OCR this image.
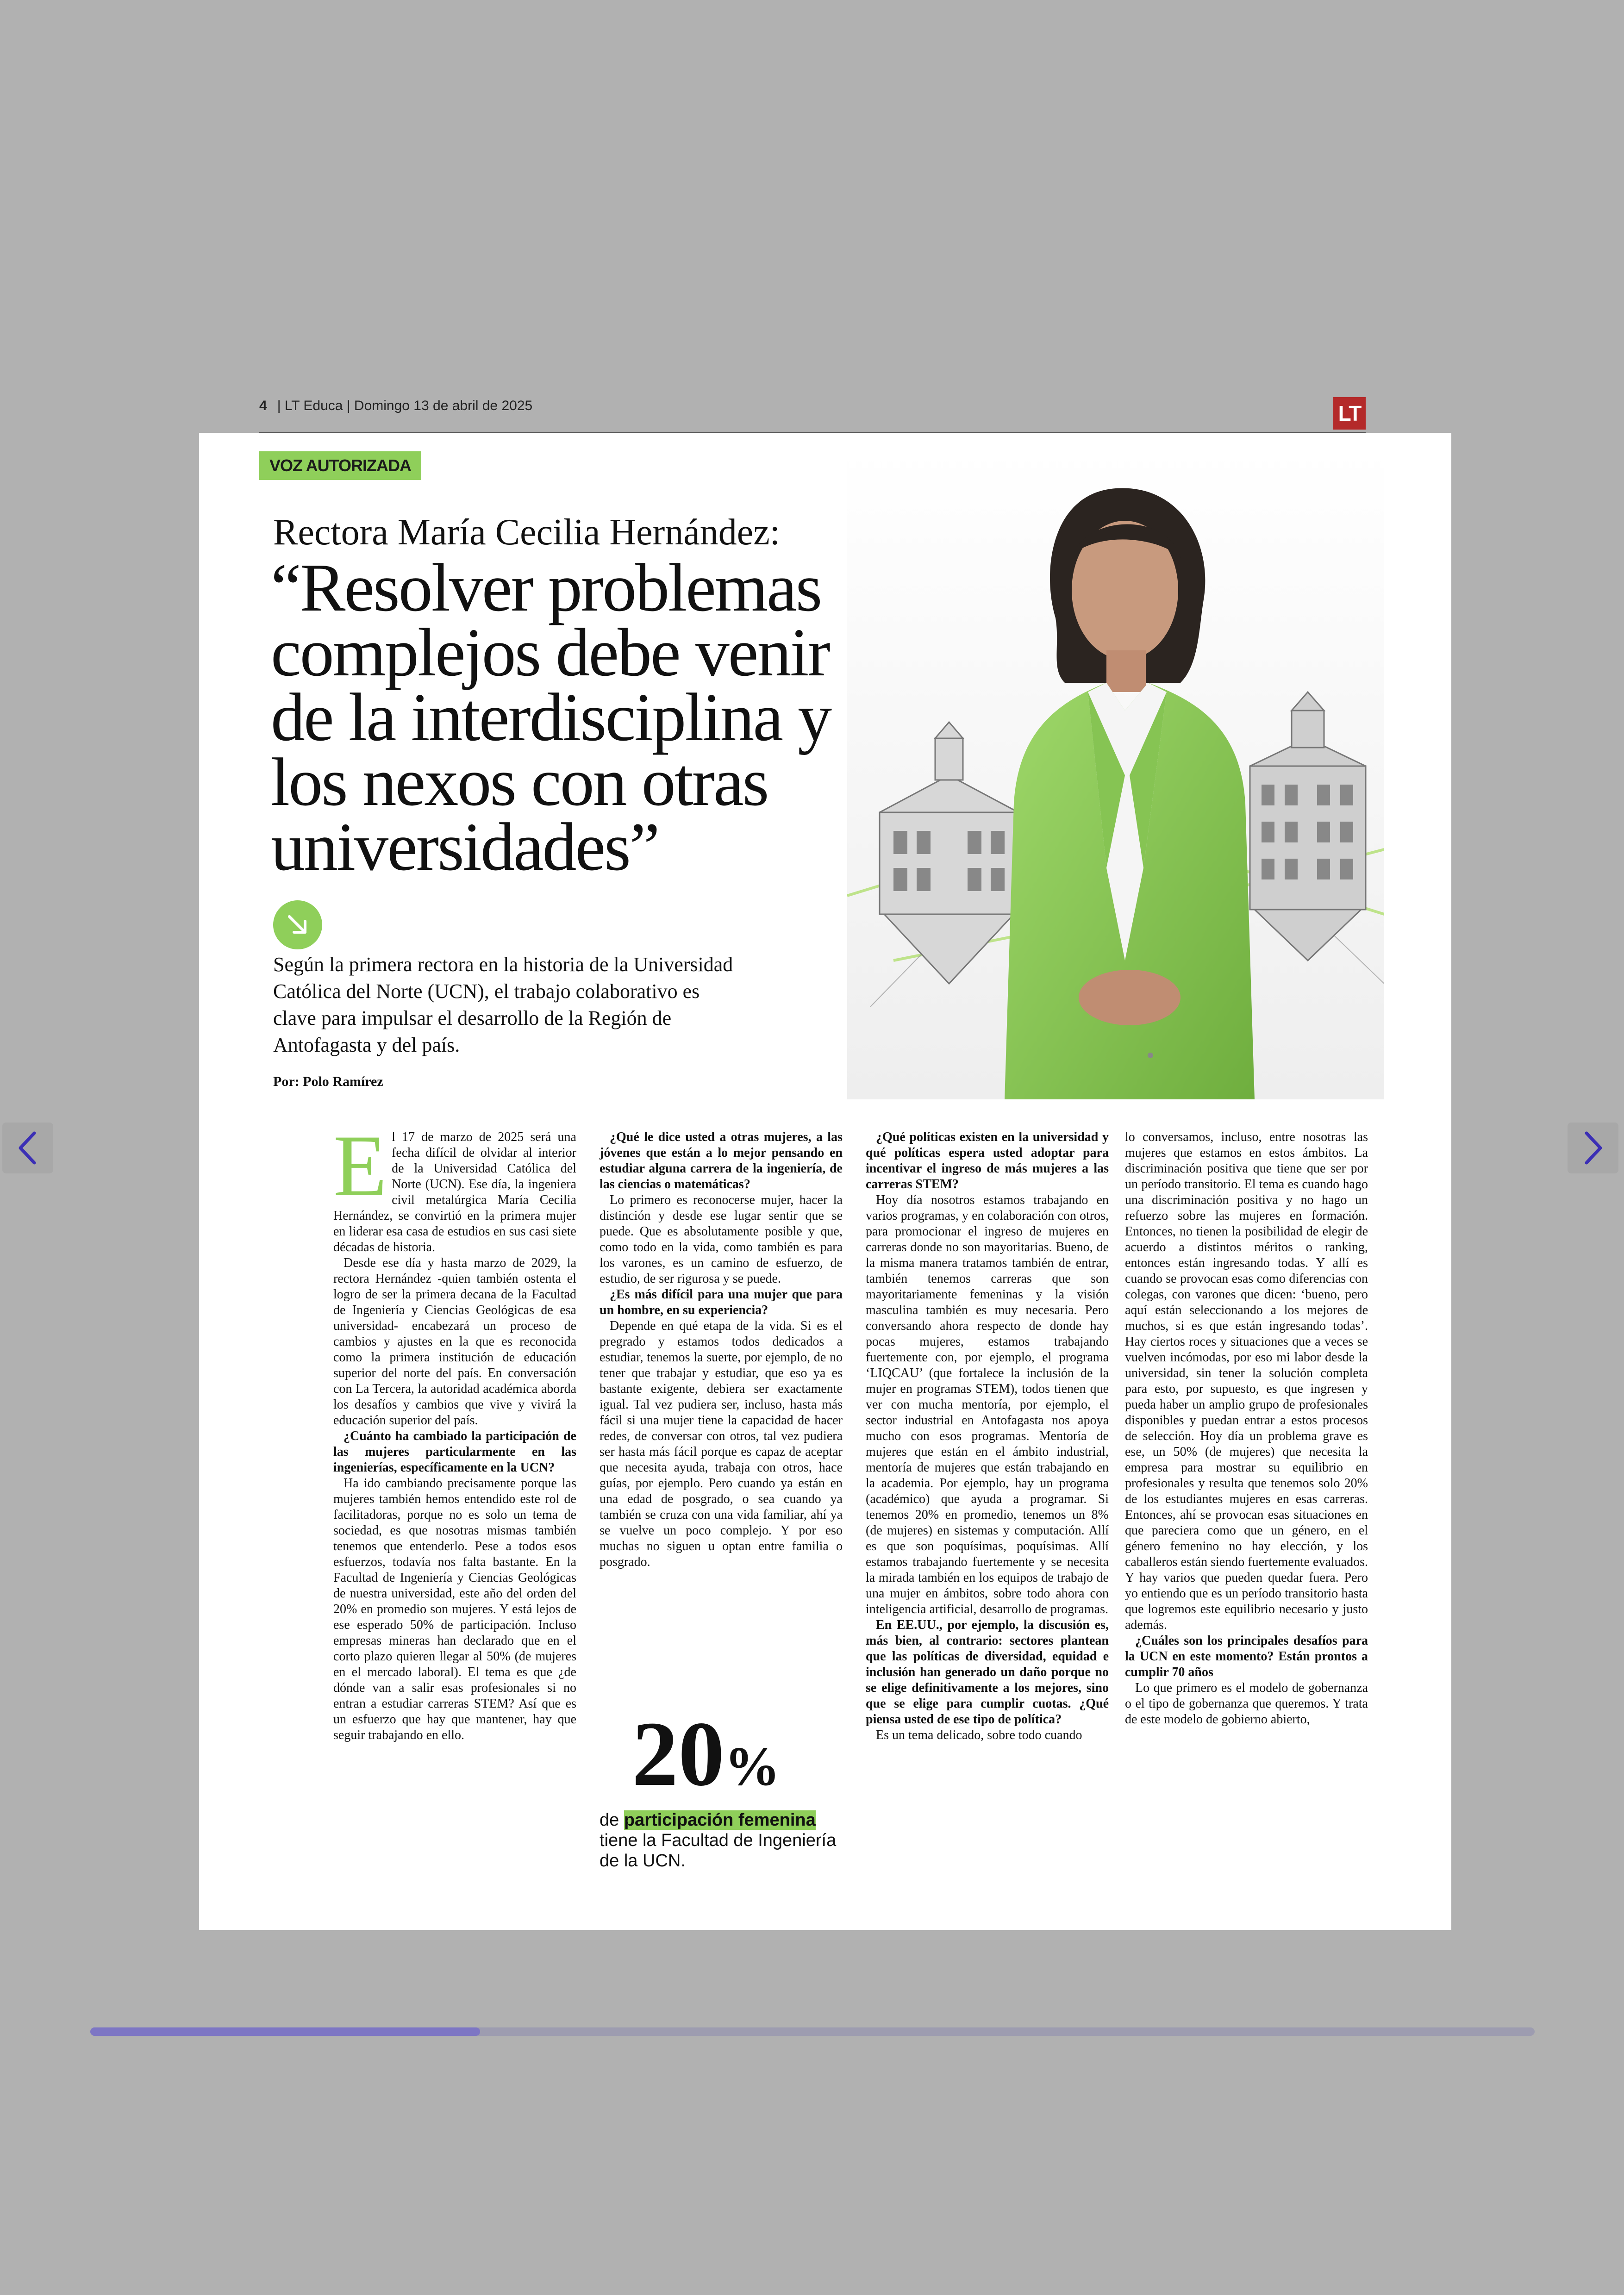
4 | LT Educa | Domingo 13 de abril de 2025	LT
VOZ AUTORIZADA
Rectora María Cecilia Hernández:
“Resolver problemas complejos debe venir de la interdisciplina y los nexos con otras universidades”
Según la primera rectora en la historia de la Universidad Católica del Norte (UCN), el trabajo colaborativo es clave para impulsar el desarrollo de la Región de Antofagasta y del país.
Por: Polo Ramírez
E l 17 de marzo de 2025 será una fecha difícil de olvidar al interior de la Universidad Católica del Norte (UCN). Ese día, la ingeniera civil metalúrgica María Cecilia Hernández, se convirtió en la primera mujer en liderar esa casa de estudios en sus casi siete décadas de historia.

Desde ese día y hasta marzo de 2029, la rectora Hernández -quien también ostenta el logro de ser la primera decana de la Facultad de Ingeniería y Ciencias Geológicas de esa universidad- encabezará un proceso de cambios y ajustes en la que es reconocida como la primera institución de educación superior del norte del país. En conversación con La Tercera, la autoridad académica aborda los desafíos y cambios que vive y vivirá la educación superior del país.

¿Cuánto ha cambiado la participación de las mujeres particularmente en las ingenierías, específicamente en la UCN?

Ha ido cambiando precisamente porque las mujeres también hemos entendido este rol de facilitadoras, porque no es solo un tema de sociedad, es que nosotras mismas también tenemos que entenderlo. Pese a todos esos esfuerzos, todavía nos falta bastante. En la Facultad de Ingeniería y Ciencias Geológicas de nuestra universidad, este año del orden del 20% en promedio son mujeres. Y está lejos de ese esperado 50% de participación. Incluso empresas mineras han declarado que en el corto plazo quieren llegar al 50% (de mujeres en el mercado laboral). El tema es que ¿de dónde van a salir esas profesionales si no entran a estudiar carreras STEM? Así que es un esfuerzo que hay que mantener, hay que seguir trabajando en ello.

¿Qué le dice usted a otras mujeres, a las jóvenes que están a lo mejor pensando en estudiar alguna carrera de la ingeniería, de las ciencias o matemáticas?

Lo primero es reconocerse mujer, hacer la distinción y desde ese lugar sentir que se puede. Que es absolutamente posible y que, como todo en la vida, como también es para los varones, es un camino de esfuerzo, de estudio, de ser rigurosa y se puede.

¿Es más difícil para una mujer que para un hombre, en su experiencia?

Depende en qué etapa de la vida. Si es el pregrado y estamos todos dedicados a estudiar, tenemos la suerte, por ejemplo, de no tener que trabajar y estudiar, que eso ya es bastante exigente, debiera ser exactamente igual. Tal vez pudiera ser, incluso, hasta más fácil si una mujer tiene la capacidad de hacer redes, de conversar con otros, tal vez pudiera ser hasta más fácil porque es capaz de aceptar que necesita ayuda, trabaja con otros, hace guías, por ejemplo. Pero cuando ya están en una edad de posgrado, o sea cuando ya también se cruza con una vida familiar, ahí ya se vuelve un poco complejo. Y por eso muchas no siguen u optan entre familia o posgrado.

20%
de participación femenina
tiene la Facultad de Ingeniería de la UCN.

¿Qué políticas existen en la universidad y qué políticas espera usted adoptar para incentivar el ingreso de más mujeres a las carreras STEM?

Hoy día nosotros estamos trabajando en varios programas, y en colaboración con otros, para promocionar el ingreso de mujeres en carreras donde no son mayoritarias. Bueno, de la misma manera tratamos también de entrar, también tenemos carreras que son mayoritariamente femeninas y la visión masculina también es muy necesaria. Pero conversando ahora respecto de donde hay pocas mujeres, estamos trabajando fuertemente con, por ejemplo, el programa ‘LIQCAU’ (que fortalece la inclusión de la mujer en programas STEM), todos tienen que ver con mucha mentoría, por ejemplo, el sector industrial en Antofagasta nos apoya mucho con esos programas. Mentoría de mujeres que están en el ámbito industrial, mentoría de mujeres que están trabajando en la academia. Por ejemplo, hay un programa (académico) que ayuda a programar. Si tenemos 20% en promedio, tenemos un 8% (de mujeres) en sistemas y computación. Allí es que son poquísimas, poquísimas. Allí estamos trabajando fuertemente y se necesita la mirada también en los equipos de trabajo de una mujer en ámbitos, sobre todo ahora con inteligencia artificial, desarrollo de programas.

En EE.UU., por ejemplo, la discusión es, más bien, al contrario: sectores plantean que las políticas de diversidad, equidad e inclusión han generado un daño porque no se elige definitivamente a los mejores, sino que se elige para cumplir cuotas. ¿Qué piensa usted de ese tipo de política?

Es un tema delicado, sobre todo cuando

lo conversamos, incluso, entre nosotras las mujeres que estamos en estos ámbitos. La discriminación positiva que tiene que ser por un período transitorio. El tema es cuando hago una discriminación positiva y no hago un refuerzo sobre las mujeres en formación. Entonces, no tienen la posibilidad de elegir de acuerdo a distintos méritos o ranking, entonces están ingresando todas. Y allí es cuando se provocan esas como diferencias con colegas, con varones que dicen: ‘bueno, pero aquí están seleccionando a los mejores de muchos, si es que están ingresando todas’. Hay ciertos roces y situaciones que a veces se vuelven incómodas, por eso mi labor desde la universidad, sin tener la solución completa para esto, por supuesto, es que ingresen y pueda haber un amplio grupo de profesionales disponibles y puedan entrar a estos procesos de selección. Hoy día un problema grave es ese, un 50% (de mujeres) que necesita la empresa para mostrar su equilibrio en profesionales y resulta que tenemos solo 20% de los estudiantes mujeres en esas carreras. Entonces, ahí se provocan esas situaciones en que pareciera como que un género, en el género femenino no hay elección, y los caballeros están siendo fuertemente evaluados. Y hay varios que pueden quedar fuera. Pero yo entiendo que es un período transitorio hasta que logremos este equilibrio necesario y justo además.

¿Cuáles son los principales desafíos para la UCN en este momento? Están prontos a cumplir 70 años

Lo que primero es el modelo de gobernanza o el tipo de gobernanza que queremos. Y trata de este modelo de gobierno abierto,
